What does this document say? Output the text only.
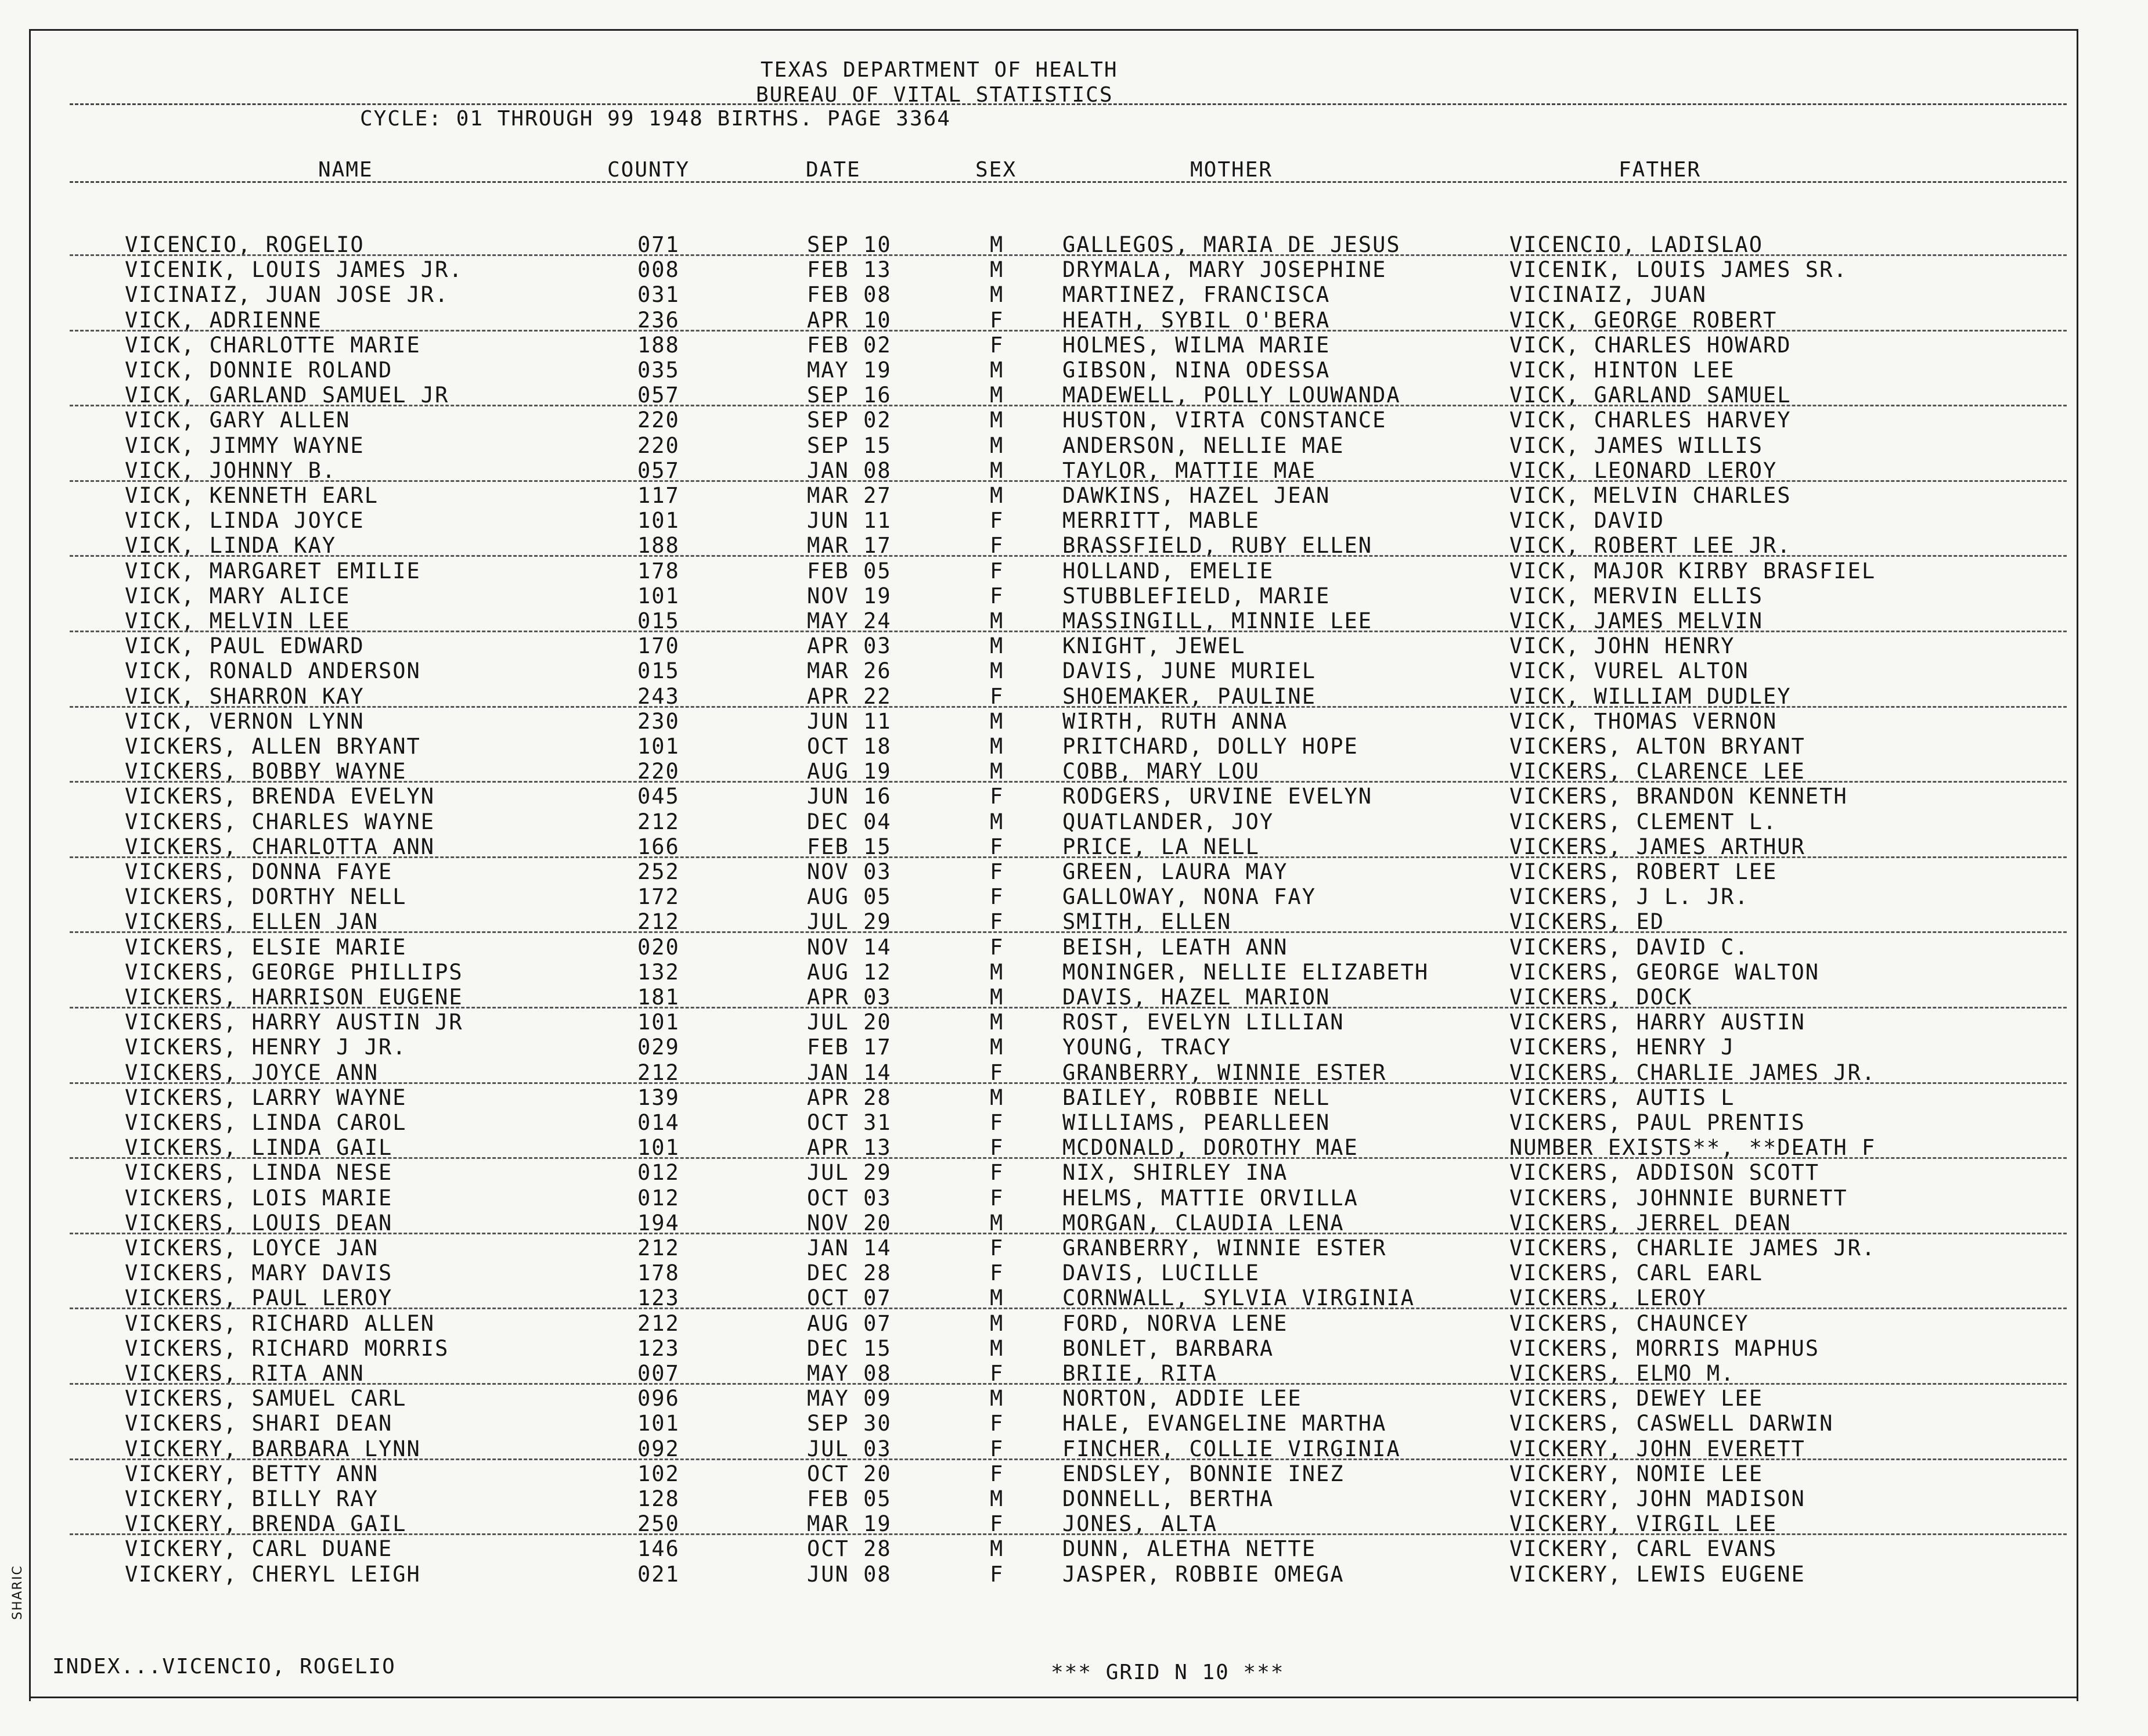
TEXAS DEPARTMENT OF HEALTH
BUREAU OF VITAL STATISTICS
CYCLE: 01 THROUGH 99 1948 BIRTHS. PAGE 3364
NAME	COUNTY	DATE	SEX	MOTHER	FATHER
VICENCIO, ROGELIO	071	SEP 10	M	GALLEGOS, MARIA DE JESUS	VICENCIO, LADISLAO
VICENIK, LOUIS JAMES JR.	008	FEB 13	M	DRYMALA, MARY JOSEPHINE	VICENIK, LOUIS JAMES SR.
VICINAIZ, JUAN JOSE JR.	031	FEB 08	M	MARTINEZ, FRANCISCA	VICINAIZ, JUAN
VICK, ADRIENNE	236	APR 10	F	HEATH, SYBIL O'BERA	VICK, GEORGE ROBERT
VICK, CHARLOTTE MARIE	188	FEB 02	F	HOLMES, WILMA MARIE	VICK, CHARLES HOWARD
VICK, DONNIE ROLAND	035	MAY 19	M	GIBSON, NINA ODESSA	VICK, HINTON LEE
VICK, GARLAND SAMUEL JR	057	SEP 16	M	MADEWELL, POLLY LOUWANDA	VICK, GARLAND SAMUEL
VICK, GARY ALLEN	220	SEP 02	M	HUSTON, VIRTA CONSTANCE	VICK, CHARLES HARVEY
VICK, JIMMY WAYNE	220	SEP 15	M	ANDERSON, NELLIE MAE	VICK, JAMES WILLIS
VICK, JOHNNY B.	057	JAN 08	M	TAYLOR, MATTIE MAE	VICK, LEONARD LEROY
VICK, KENNETH EARL	117	MAR 27	M	DAWKINS, HAZEL JEAN	VICK, MELVIN CHARLES
VICK, LINDA JOYCE	101	JUN 11	F	MERRITT, MABLE	VICK, DAVID
VICK, LINDA KAY	188	MAR 17	F	BRASSFIELD, RUBY ELLEN	VICK, ROBERT LEE JR.
VICK, MARGARET EMILIE	178	FEB 05	F	HOLLAND, EMELIE	VICK, MAJOR KIRBY BRASFIEL
VICK, MARY ALICE	101	NOV 19	F	STUBBLEFIELD, MARIE	VICK, MERVIN ELLIS
VICK, MELVIN LEE	015	MAY 24	M	MASSINGILL, MINNIE LEE	VICK, JAMES MELVIN
VICK, PAUL EDWARD	170	APR 03	M	KNIGHT, JEWEL	VICK, JOHN HENRY
VICK, RONALD ANDERSON	015	MAR 26	M	DAVIS, JUNE MURIEL	VICK, VUREL ALTON
VICK, SHARRON KAY	243	APR 22	F	SHOEMAKER, PAULINE	VICK, WILLIAM DUDLEY
VICK, VERNON LYNN	230	JUN 11	M	WIRTH, RUTH ANNA	VICK, THOMAS VERNON
VICKERS, ALLEN BRYANT	101	OCT 18	M	PRITCHARD, DOLLY HOPE	VICKERS, ALTON BRYANT
VICKERS, BOBBY WAYNE	220	AUG 19	M	COBB, MARY LOU	VICKERS, CLARENCE LEE
VICKERS, BRENDA EVELYN	045	JUN 16	F	RODGERS, URVINE EVELYN	VICKERS, BRANDON KENNETH
VICKERS, CHARLES WAYNE	212	DEC 04	M	QUATLANDER, JOY	VICKERS, CLEMENT L.
VICKERS, CHARLOTTA ANN	166	FEB 15	F	PRICE, LA NELL	VICKERS, JAMES ARTHUR
VICKERS, DONNA FAYE	252	NOV 03	F	GREEN, LAURA MAY	VICKERS, ROBERT LEE
VICKERS, DORTHY NELL	172	AUG 05	F	GALLOWAY, NONA FAY	VICKERS, J L. JR.
VICKERS, ELLEN JAN	212	JUL 29	F	SMITH, ELLEN	VICKERS, ED
VICKERS, ELSIE MARIE	020	NOV 14	F	BEISH, LEATH ANN	VICKERS, DAVID C.
VICKERS, GEORGE PHILLIPS	132	AUG 12	M	MONINGER, NELLIE ELIZABETH	VICKERS, GEORGE WALTON
VICKERS, HARRISON EUGENE	181	APR 03	M	DAVIS, HAZEL MARION	VICKERS, DOCK
VICKERS, HARRY AUSTIN JR	101	JUL 20	M	ROST, EVELYN LILLIAN	VICKERS, HARRY AUSTIN
VICKERS, HENRY J JR.	029	FEB 17	M	YOUNG, TRACY	VICKERS, HENRY J
VICKERS, JOYCE ANN	212	JAN 14	F	GRANBERRY, WINNIE ESTER	VICKERS, CHARLIE JAMES JR.
VICKERS, LARRY WAYNE	139	APR 28	M	BAILEY, ROBBIE NELL	VICKERS, AUTIS L
VICKERS, LINDA CAROL	014	OCT 31	F	WILLIAMS, PEARLLEEN	VICKERS, PAUL PRENTIS
VICKERS, LINDA GAIL	101	APR 13	F	MCDONALD, DOROTHY MAE	NUMBER EXISTS**, **DEATH F
VICKERS, LINDA NESE	012	JUL 29	F	NIX, SHIRLEY INA	VICKERS, ADDISON SCOTT
VICKERS, LOIS MARIE	012	OCT 03	F	HELMS, MATTIE ORVILLA	VICKERS, JOHNNIE BURNETT
VICKERS, LOUIS DEAN	194	NOV 20	M	MORGAN, CLAUDIA LENA	VICKERS, JERREL DEAN
VICKERS, LOYCE JAN	212	JAN 14	F	GRANBERRY, WINNIE ESTER	VICKERS, CHARLIE JAMES JR.
VICKERS, MARY DAVIS	178	DEC 28	F	DAVIS, LUCILLE	VICKERS, CARL EARL
VICKERS, PAUL LEROY	123	OCT 07	M	CORNWALL, SYLVIA VIRGINIA	VICKERS, LEROY
VICKERS, RICHARD ALLEN	212	AUG 07	M	FORD, NORVA LENE	VICKERS, CHAUNCEY
VICKERS, RICHARD MORRIS	123	DEC 15	M	BONLET, BARBARA	VICKERS, MORRIS MAPHUS
VICKERS, RITA ANN	007	MAY 08	F	BRIIE, RITA	VICKERS, ELMO M.
VICKERS, SAMUEL CARL	096	MAY 09	M	NORTON, ADDIE LEE	VICKERS, DEWEY LEE
VICKERS, SHARI DEAN	101	SEP 30	F	HALE, EVANGELINE MARTHA	VICKERS, CASWELL DARWIN
VICKERY, BARBARA LYNN	092	JUL 03	F	FINCHER, COLLIE VIRGINIA	VICKERY, JOHN EVERETT
VICKERY, BETTY ANN	102	OCT 20	F	ENDSLEY, BONNIE INEZ	VICKERY, NOMIE LEE
VICKERY, BILLY RAY	128	FEB 05	M	DONNELL, BERTHA	VICKERY, JOHN MADISON
VICKERY, BRENDA GAIL	250	MAR 19	F	JONES, ALTA	VICKERY, VIRGIL LEE
VICKERY, CARL DUANE	146	OCT 28	M	DUNN, ALETHA NETTE	VICKERY, CARL EVANS
VICKERY, CHERYL LEIGH	021	JUN 08	F	JASPER, ROBBIE OMEGA	VICKERY, LEWIS EUGENE
INDEX...VICENCIO, ROGELIO	*** GRID N 10 ***
SHARIC
